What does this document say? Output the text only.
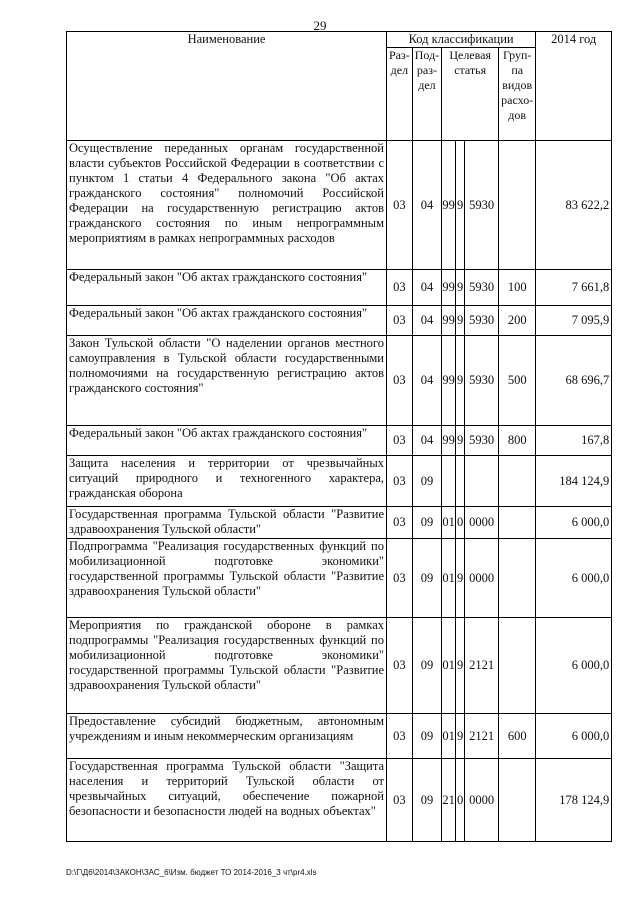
29
Наименование	Код классификации						2014 год
	Раз-дел	Под-раз-дел	Целевая статья			Груп-па видов расхо-дов	
Осуществление переданных органам государственной власти субъектов Российской Федерации в соответствии с пунктом 1 статьи 4 Федерального закона "Об актах гражданского состояния" полномочий Российской Федерации на государственную регистрацию актов гражданского состояния по иным непрограммным мероприятиям в рамках непрограммных расходов	03	04	99	9	5930		83 622,2
Федеральный закон "Об актах гражданского состояния"	03	04	99	9	5930	100	7 661,8
Федеральный закон "Об актах гражданского состояния"	03	04	99	9	5930	200	7 095,9
Закон Тульской области "О наделении органов местного самоуправления в Тульской области государственными полномочиями на государственную регистрацию актов гражданского состояния"	03	04	99	9	5930	500	68 696,7
Федеральный закон "Об актах гражданского состояния"	03	04	99	9	5930	800	167,8
Защита населения и территории от чрезвычайных ситуаций природного и техногенного характера, гражданская оборона	03	09					184 124,9
Государственная программа Тульской области "Развитие здравоохранения Тульской области"	03	09	01	0	0000		6 000,0
Подпрограмма "Реализация государственных функций по мобилизационной подготовке экономики" государственной программы Тульской области "Развитие здравоохранения Тульской области"	03	09	01	9	0000		6 000,0
Мероприятия по гражданской обороне в рамках подпрограммы "Реализация государственных функций по мобилизационной подготовке экономики" государственной программы Тульской области "Развитие здравоохранения Тульской области"	03	09	01	9	2121		6 000,0
Предоставление субсидий бюджетным, автономным учреждениям и иным некоммерческим организациям	03	09	01	9	2121	600	6 000,0
Государственная программа Тульской области "Защита населения и территорий Тульской области от чрезвычайных ситуаций, обеспечение пожарной безопасности и безопасности людей на водных объектах"	03	09	21	0	0000		178 124,9
D:\Г\Д6\2014\ЗАКОН\ЗАС_6\Изм. бюджет ТО 2014-2016_3 чт\pr4.xls
